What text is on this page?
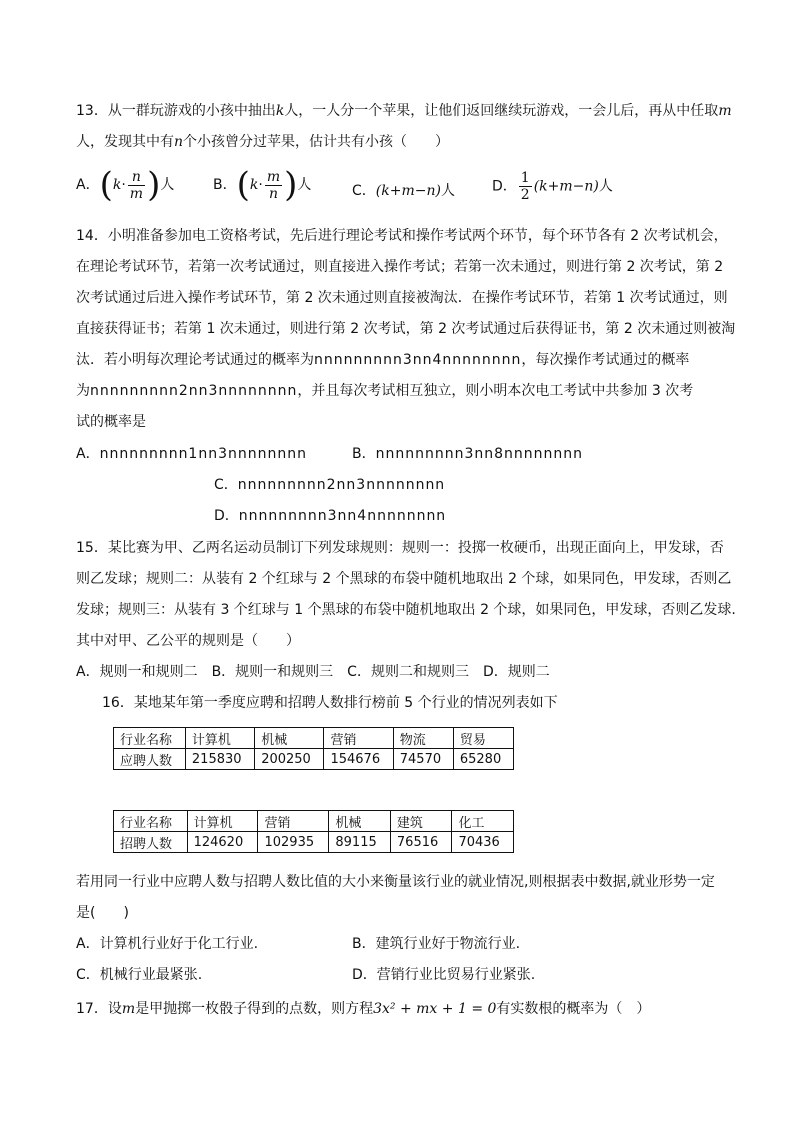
13．从一群玩游戏的小孩中抽出k人，一人分一个苹果，让他们返回继续玩游戏，一会儿后，再从中任取m
人，发现其中有n个小孩曾分过苹果，估计共有小孩（　　）
A．($k\cdot \frac{n}{m}$ )人	B．($k\cdot \frac{m}{n}$ )人	C．(k+m−n)人	D． $\frac{1}{2} (k+m-n)$人
14．小明准备参加电工资格考试，先后进行理论考试和操作考试两个环节，每个环节各有 2 次考试机会，
在理论考试环节，若第一次考试通过，则直接进入操作考试；若第一次未通过，则进行第 2 次考试，第 2
次考试通过后进入操作考试环节，第 2 次未通过则直接被淘汰．在操作考试环节，若第 1 次考试通过，则
直接获得证书；若第 1 次未通过，则进行第 2 次考试，第 2 次考试通过后获得证书，第 2 次未通过则被淘
汰．若小明每次理论考试通过的概率为nnnnnnnnn3nn4nnnnnnnn，每次操作考试通过的概率
为nnnnnnnnn2nn3nnnnnnnn，并且每次考试相互独立，则小明本次电工考试中共参加 3 次考
试的概率是
A．nnnnnnnnn1nn3nnnnnnnn	B．nnnnnnnnn3nn8nnnnnnnn
C．nnnnnnnnn2nn3nnnnnnnn
D．nnnnnnnnn3nn4nnnnnnnn
15．某比赛为甲、乙两名运动员制订下列发球规则：规则一：投掷一枚硬币，出现正面向上，甲发球，否
则乙发球；规则二：从装有 2 个红球与 2 个黑球的布袋中随机地取出 2 个球，如果同色，甲发球，否则乙
发球；规则三：从装有 3 个红球与 1 个黑球的布袋中随机地取出 2 个球，如果同色，甲发球，否则乙发球.
其中对甲、乙公平的规则是（　　）
A．规则一和规则二　B．规则一和规则三　C．规则二和规则三　D．规则二
16．某地某年第一季度应聘和招聘人数排行榜前 5 个行业的情况列表如下
行业名称	计算机	机械	营销	物流	贸易
应聘人数	215830	200250	154676	74570	65280
行业名称	计算机	营销	机械	建筑	化工
招聘人数	124620	102935	89115	76516	70436
若用同一行业中应聘人数与招聘人数比值的大小来衡量该行业的就业情况,则根据表中数据,就业形势一定
是(　　)
A．计算机行业好于化工行业.	B．建筑行业好于物流行业.
C．机械行业最紧张.	D．营销行业比贸易行业紧张.
17．设m是甲抛掷一枚骰子得到的点数，则方程3x² + mx + 1 = 0有实数根的概率为（　）
